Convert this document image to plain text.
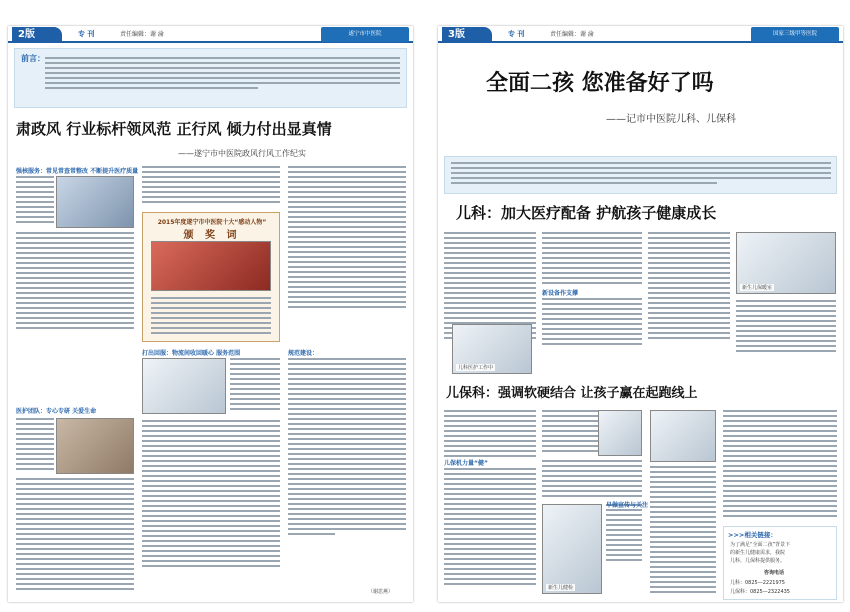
2版	专 刊	责任编辑：谢 渝	遂宁市中医院
前言：
肃政风 行业标杆领风范 正行风 倾力付出显真情
——遂宁市中医院政风行风工作纪实
强核服务：常见常查常整改 不断提升医疗质量
医护团队：专心专研 关爱生命
2015年度遂宁市中医院十大“感动人物”
颁 奖 词
打出回服：物流间收回暖心 服务范围	规范建设：
（谢思燕）
3版	专 刊	责任编辑：谢 渝	国家三级甲等医院
全面二孩 您准备好了吗
——记市中医院儿科、儿保科
儿科：加大医疗配备 护航孩子健康成长
新设备作支撑
儿科医护工作中
新生儿保暖室
儿保科：强调软硬结合 让孩子赢在起跑线上
儿保机力量“健”
新生儿健检
早做宣传与关注
>>>相关链接：
为了满足“全面二孩”背景下
的新生儿健康需求，我院
儿科、儿保科提供服务。
咨询电话
儿科：0825—2221975
儿保科：0825—2322435
